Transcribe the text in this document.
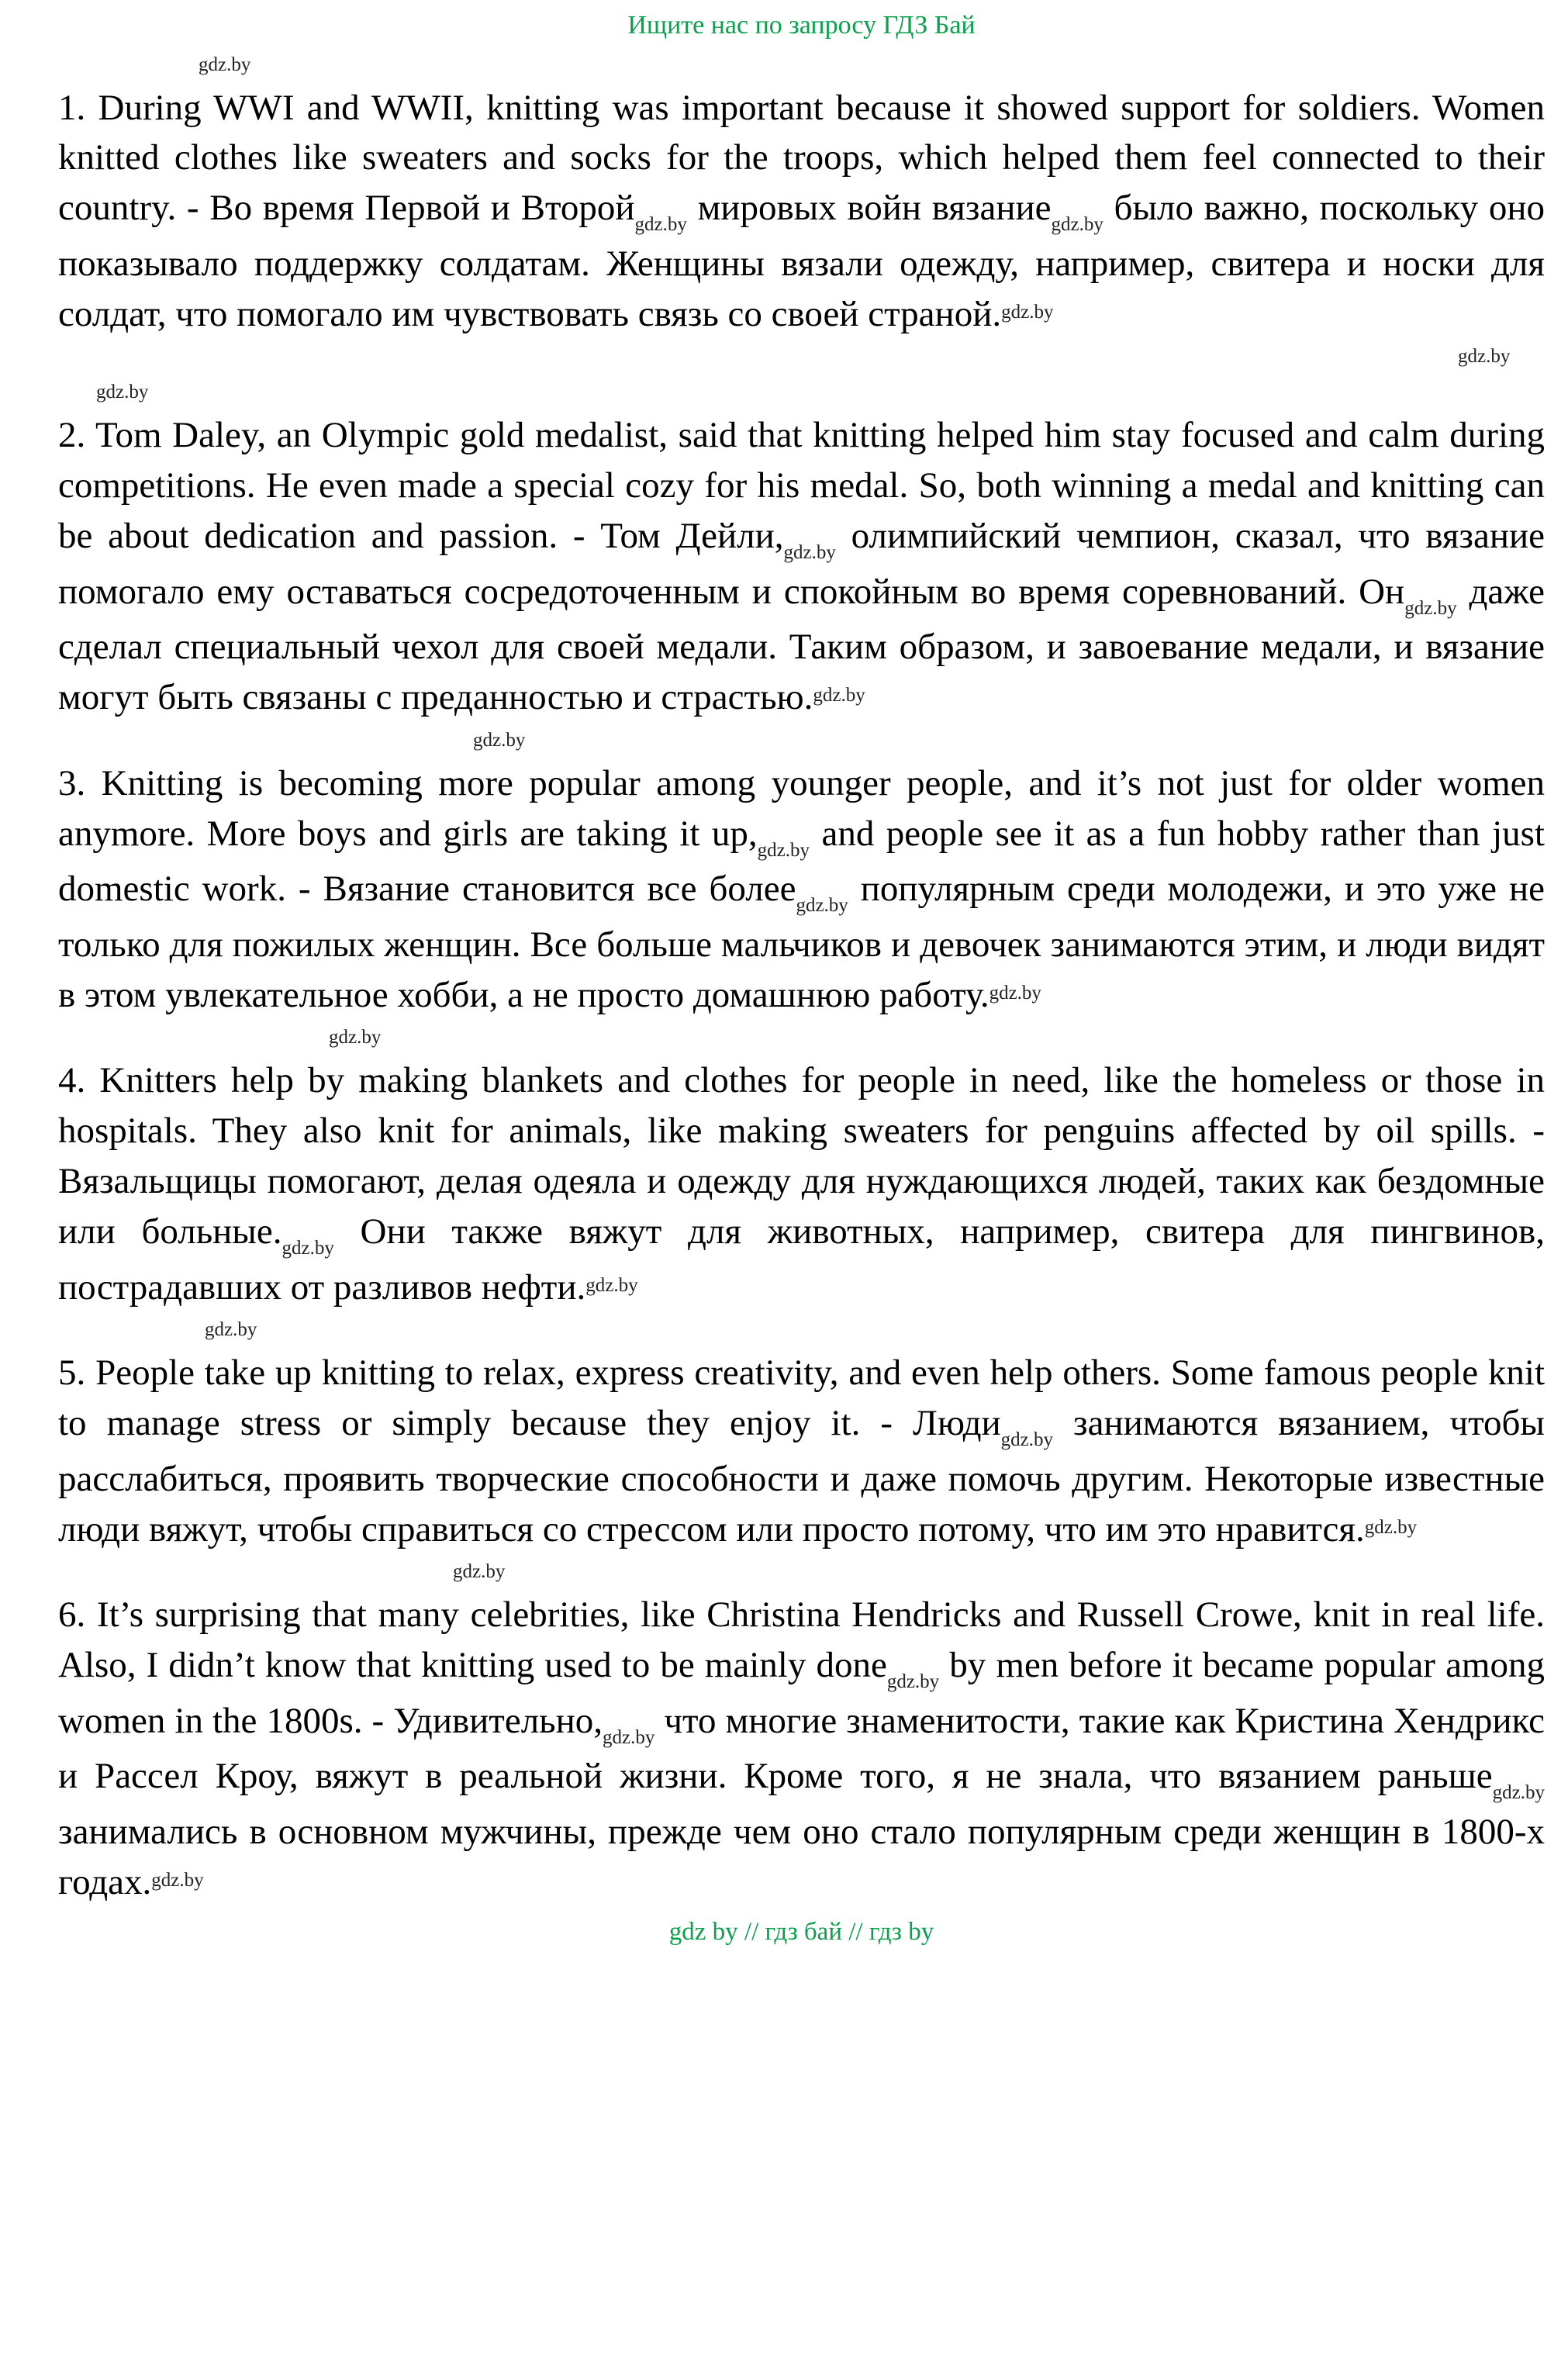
Ищите нас по запросу ГДЗ Бай
gdz.by

1. During WWI and WWII, knitting was important because it showed support for soldiers. Women knitted clothes like sweaters and socks for the troops, which helped them feel connected to their country. - Во время Первой и Второй$_{gdz.by}$ мировых войн вязание$_{gdz.by}$ было важно, поскольку оно показывало поддержку солдатам. Женщины вязали одежду, например, свитера и носки для солдат, что помогало им чувствовать связь со своей страной.$^{gdz.by}$

gdz.by
gdz.by

2. Tom Daley, an Olympic gold medalist, said that knitting helped him stay focused and calm during competitions. He even made a special cozy for his medal. So, both winning a medal and knitting can be about dedication and passion. - Том $Дейли,_{gdz.by}$ олимпийский чемпион, сказал, что вязание помогало ему оставаться сосредоточенным и спокойным во время соревнований. $Он_{gdz.by}$ даже сделал специальный чехол для своей медали. Таким образом, и завоевание медали, и вязание могут быть связаны с преданностью и страстью.$^{gdz.by}$

gdz.by

3. Knitting is becoming more popular among younger people, and it’s not just for older women anymore. More boys and girls are taking it $up,_{gdz.by}$ and people see it as a fun hobby rather than just domestic work. - Вязание становится все более$_{gdz.by}$ популярным среди молодежи, и это уже не только для пожилых женщин. Все больше мальчиков и девочек занимаются этим, и люди видят в этом увлекательное хобби, а не просто домашнюю работу.$^{gdz.by}$

gdz.by

4. Knitters help by making blankets and clothes for people in need, like the homeless or those in hospitals. They also knit for animals, like making sweaters for penguins affected by oil spills. - Вязальщицы помогают, делая одеяла и одежду для нуждающихся людей, таких как бездомные или $больные._{gdz.by}$ Они также вяжут для животных, например, свитера для пингвинов, пострадавших от разливов нефти.$^{gdz.by}$

gdz.by

5. People take up knitting to relax, express creativity, and even help others. Some famous people knit to manage stress or simply because they enjoy it. - Люди$_{gdz.by}$ занимаются вязанием, чтобы расслабиться, проявить творческие способности и даже помочь другим. Некоторые известные люди вяжут, чтобы справиться со стрессом или просто потому, что им это нравится.$^{gdz.by}$

gdz.by

6. It’s surprising that many celebrities, like Christina Hendricks and Russell Crowe, knit in real life. Also, I didn’t know that knitting used to be mainly done$_{gdz.by}$ by men before it became popular among women in the 1800s. - $Удивительно,_{gdz.by}$ что многие знаменитости, такие как Кристина Хендрикс и Рассел Кроу, вяжут в реальной жизни. Кроме того, я не знала, что вязанием раньше$_{gdz.by}$ занимались в основном мужчины, прежде чем оно стало популярным среди женщин в 1800-х годах.$^{gdz.by}$

gdz by // гдз бай // гдз by
